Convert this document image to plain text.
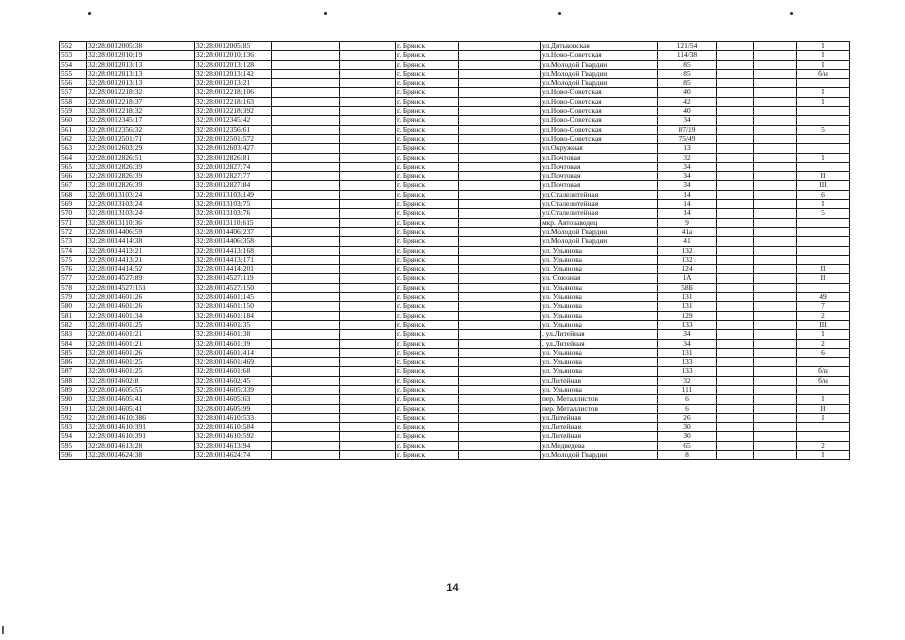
552	32:28:0012005:38	32:28:0012005:85			г. Брянск		ул.Дятьковская	121/54			I
553	32:28:0012010:19	32:28:0012010:136			г. Брянск		ул.Ново-Советская	114/38			I
554	32:28:0012013:13	32:28:0012013:128			г. Брянск		ул.Молодой Гвардии	85			I
555	32:28:0012013:13	32:28:0012013:142			г. Брянск		ул.Молодой Гвардии	85			б/н
556	32:28:0012013:13	32:28:0012013:21			г. Брянск		ул.Молодой Гвардии	85			
557	32:28:0012218:32	32:28:0012218:106			г. Брянск		ул.Ново-Советская	40			I
558	32:28:0012218:37	32:28:0012218:163			г. Брянск		ул.Ново-Советская	42			I
559	32:28:0012218:32	32:28:0012218:392			г. Брянск		ул.Ново-Советская	40			
560	32:28:0012345:17	32:28:0012345:42			г. Брянск		ул.Ново-Советская	34			
561	32:28:0012356:32	32:28:0012356:61			г. Брянск		ул.Ново-Советская	87/19			5
562	32:28:0012501:71	32:28:0012501:572			г. Брянск		ул.Ново-Советская	75/49			
563	32:28:0012603:29	32:28:0012603:427			г. Брянск		ул.Окружная	13			
564	32:28:0012826:51	32:28:0012826:81			г. Брянск		ул.Почтовая	32			I
565	32:28:0012826:39	32:28:0012827:74			г. Брянск		ул.Почтовая	34			
566	32:28:0012826:39	32:28:0012827:77			г. Брянск		ул.Почтовая	34			II
567	32:28:0012826:39	32:28:0012827:84			г. Брянск		ул.Почтовая	34			III
568	32:28:0013103:24	32:28:0013103:149			г. Брянск		ул.Сталелитейная	14			6
569	32:28:0013103:24	32:28:0013103:75			г. Брянск		ул.Сталелитейная	14			I
570	32:28:0013103:24	32:28:0013103:76			г. Брянск		ул.Сталелитейная	14			5
571	32:28:0013110:36	32:28:0013110:615			г. Брянск		мкр. Автозаводец	9			
572	32:28:0014406:59	32:28:0014406:237			г. Брянск		ул.Молодой Гвардии	41а			
573	32:28:0014414:38	32:28:0014406:358			г. Брянск		ул.Молодой Гвардии	41			
574	32:28:0014413:21	32:28:0014413:168			г. Брянск		ул. Ульянова	132			
575	32:28:0014413:21	32:28:0014413:171			г. Брянск		ул. Ульянова	132			
576	32:28:0014414:52	32:28:0014414:201			г. Брянск		ул. Ульянова	124			II
577	32:28:0014527:89	32:28:0014527:119			г. Брянск		ул. Союзная	1А			II
578	32:28:0014527:151	32:28:0014527:150			г. Брянск		ул. Ульянова	58Б			
579	32:28:0014601:26	32:28:0014601:145			г. Брянск		ул. Ульянова	131			49
580	32:28:0014601:26	32:28:0014601:150			г. Брянск		ул. Ульянова	131			7
581	32:28:0014601:34	32:28:0014601:184			г. Брянск		ул. Ульянова	129			2
582	32:28:0014601:25	32:28:0014601:35			г. Брянск		ул. Ульянова	133			III
583	32:28:0014601:21	32:28:0014601:38			г. Брянск		, ул.Литейная	34			I
584	32:28:0014601:21	32:28:0014601:39			г. Брянск		, ул.Литейная	34			2
585	32:28:0014601:26	32:28:0014601:414			г. Брянск		ул. Ульянова	131			6
586	32:28:0014601:25	32:28:0014601:469			г. Брянск		ул. Ульянова	133			
587	32:28:0014601:25	32:28:0014601:68			г. Брянск		ул. Ульянова	133			б/н
588	32:28:0014602:8	32:28:0014602:45			г. Брянск		ул.Литейная	32			б/н
589	32:28:0014605:55	32:28:0014605:339			г. Брянск		ул. Ульянова	111			
590	32:28:0014605:41	32:28:0014605:63			г. Брянск		пер. Металлистов	6			I
591	32:28:0014605:41	32:28:0014605:99			г. Брянск		пер. Металлистов	6			II
592	32:28:0014610:386	32:28:0014610:533			г. Брянск		ул.Литейная	26			I
593	32:28:0014610:391	32:28:0014610:584			г. Брянск		ул.Литейная	30			
594	32:28:0014610:391	32:28:0014610:592			г. Брянск		ул.Литейная	30			
595	32:28:0014613:28	32:28:0014613:94			г. Брянск		ул.Медведева	65			2
596	32:28:0014624:38	32:28:0014624:74			г. Брянск		ул.Молодой Гвардии	8			I
14
